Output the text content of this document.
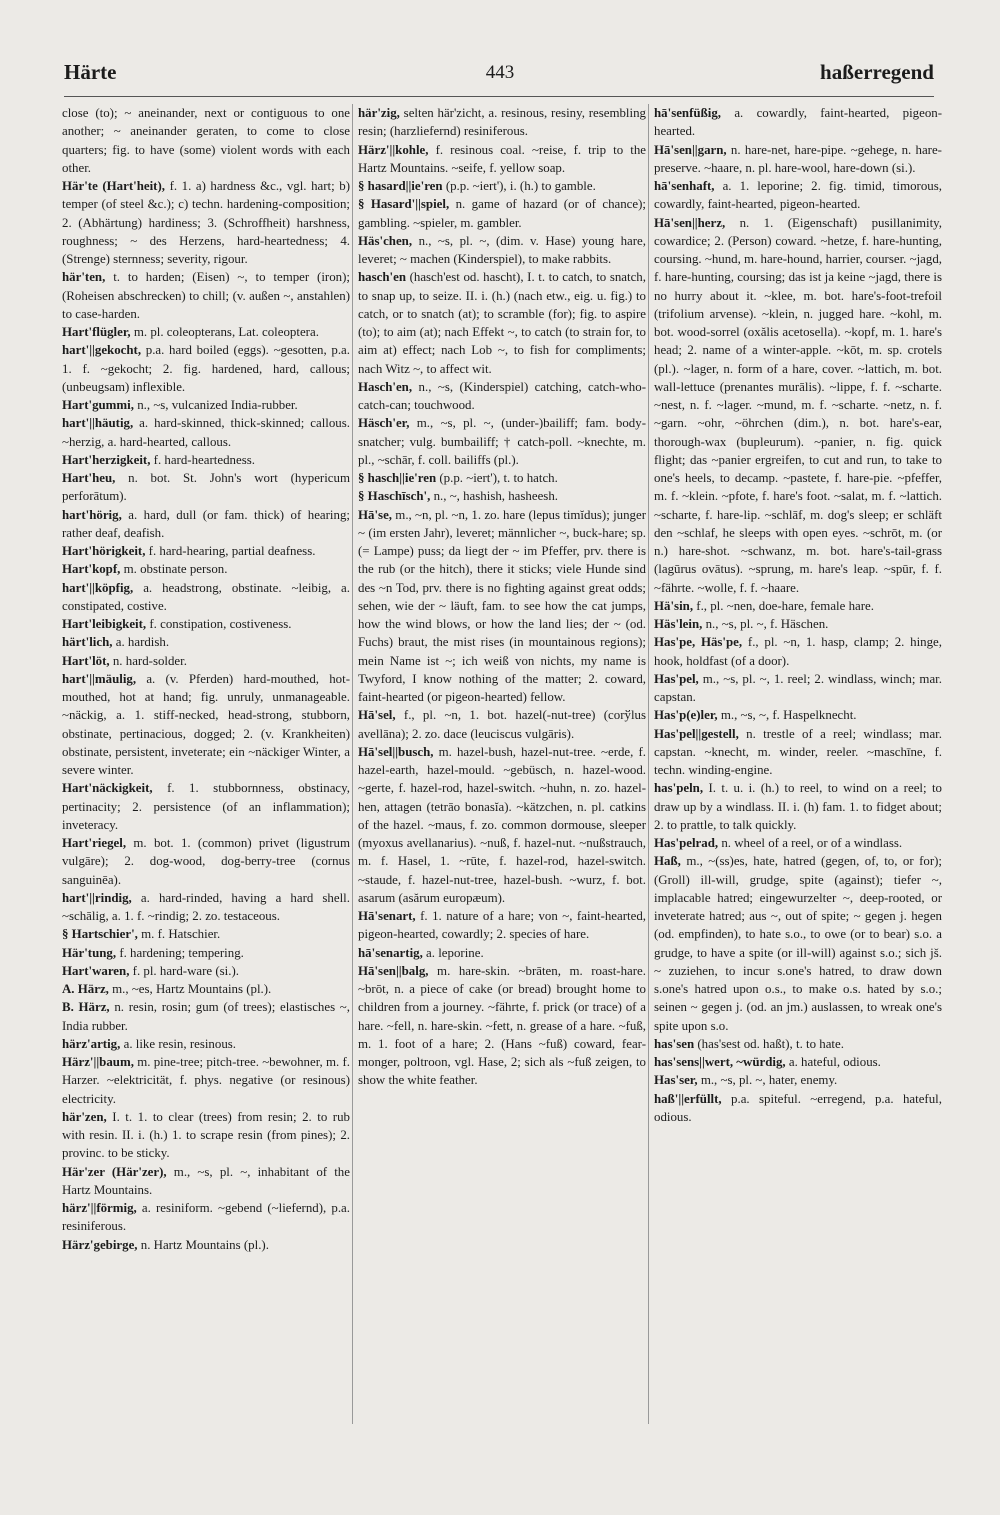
Härte	443	haßerregend

close (to); ~ aneinander, next or contiguous to one another; ~ aneinander geraten, to come to close quarters; fig. to have (some) violent words with each other.

Här'te (Hart'heit), f. 1. a) hardness &c., vgl. hart; b) temper (of steel &c.); c) techn. hardening-composition; 2. (Abhärtung) hardiness; 3. (Schroffheit) harshness, roughness; ~ des Herzens, hard-heartedness; 4. (Strenge) sternness; severity, rigour.

här'ten, t. to harden; (Eisen) ~, to temper (iron); (Roheisen abschrecken) to chill; (v. außen ~, anstahlen) to case-harden.

Hart'flügler, m. pl. coleopterans, Lat. coleoptera.

hart'||gekocht, p.a. hard boiled (eggs). ~gesotten, p.a. 1. f. ~gekocht; 2. fig. hardened, hard, callous; (unbeugsam) inflexible.

Hart'gummi, n., ~s, vulcanized India-rubber.

hart'||häutig, a. hard-skinned, thick-skinned; callous. ~herzig, a. hard-hearted, callous.

Hart'herzigkeit, f. hard-heartedness.

Hart'heu, n. bot. St. John's wort (hypericum perforātum).

hart'hörig, a. hard, dull (or fam. thick) of hearing; rather deaf, deafish.

Hart'hörigkeit, f. hard-hearing, partial deafness.

Hart'kopf, m. obstinate person.

hart'||köpfig, a. headstrong, obstinate. ~leibig, a. constipated, costive.

Hart'leibigkeit, f. constipation, costiveness.

härt'lich, a. hardish.

Hart'löt, n. hard-solder.

hart'||mäulig, a. (v. Pferden) hard-mouthed, hot-mouthed, hot at hand; fig. unruly, unmanageable. ~näckig, a. 1. stiff-necked, head-strong, stubborn, obstinate, pertinacious, dogged; 2. (v. Krankheiten) obstinate, persistent, inveterate; ein ~näckiger Winter, a severe winter.

Hart'näckigkeit, f. 1. stubbornness, obstinacy, pertinacity; 2. persistence (of an inflammation); inveteracy.

Hart'riegel, m. bot. 1. (common) privet (ligustrum vulgāre); 2. dog-wood, dog-berry-tree (cornus sanguinēa).

hart'||rindig, a. hard-rinded, having a hard shell. ~schālig, a. 1. f. ~rindig; 2. zo. testaceous.

§ Hartschier', m. f. Hatschier.

Här'tung, f. hardening; tempering.

Hart'waren, f. pl. hard-ware (si.).

A. Härz, m., ~es, Hartz Mountains (pl.).

B. Härz, n. resin, rosin; gum (of trees); elastisches ~, India rubber.

härz'artig, a. like resin, resinous.

Härz'||baum, m. pine-tree; pitch-tree. ~bewohner, m. f. Harzer. ~elektricität, f. phys. negative (or resinous) electricity.

här'zen, I. t. 1. to clear (trees) from resin; 2. to rub with resin. II. i. (h.) 1. to scrape resin (from pines); 2. provinc. to be sticky.

Här'zer (Här'zer), m., ~s, pl. ~, inhabitant of the Hartz Mountains.

härz'||förmig, a. resiniform. ~gebend (~liefernd), p.a. resiniferous.

Härz'gebirge, n. Hartz Mountains (pl.).

här'zig, selten här'zicht, a. resinous, resiny, resembling resin; (harzliefernd) resiniferous.

Härz'||kohle, f. resinous coal. ~reise, f. trip to the Hartz Mountains. ~seife, f. yellow soap.

§ hasard||ie'ren (p.p. ~iert'), i. (h.) to gamble.

§ Hasard'||spiel, n. game of hazard (or of chance); gambling. ~spieler, m. gambler.

Häs'chen, n., ~s, pl. ~, (dim. v. Hase) young hare, leveret; ~ machen (Kinderspiel), to make rabbits.

hasch'en (hasch'est od. hascht), I. t. to catch, to snatch, to snap up, to seize. II. i. (h.) (nach etw., eig. u. fig.) to catch, or to snatch (at); to scramble (for); fig. to aspire (to); to aim (at); nach Effekt ~, to catch (to strain for, to aim at) effect; nach Lob ~, to fish for compliments; nach Witz ~, to affect wit.

Hasch'en, n., ~s, (Kinderspiel) catching, catch-who-catch-can; touchwood.

Häsch'er, m., ~s, pl. ~, (under-)bailiff; fam. body-snatcher; vulg. bumbailiff; † catch-poll. ~knechte, m. pl., ~schār, f. coll. bailiffs (pl.).

§ hasch||ie'ren (p.p. ~iert'), t. to hatch.

§ Haschīsch', n., ~, hashish, hasheesh.

Hā'se, m., ~n, pl. ~n, 1. zo. hare (lepus timĭdus); junger ~ (im ersten Jahr), leveret; männlicher ~, buck-hare; sp. (= Lampe) puss; da liegt der ~ im Pfeffer, prv. there is the rub (or the hitch), there it sticks; viele Hunde sind des ~n Tod, prv. there is no fighting against great odds; sehen, wie der ~ läuft, fam. to see how the cat jumps, how the wind blows, or how the land lies; der ~ (od. Fuchs) braut, the mist rises (in mountainous regions); mein Name ist ~; ich weiß von nichts, my name is Twyford, I know nothing of the matter; 2. coward, faint-hearted (or pigeon-hearted) fellow.

Hā'sel, f., pl. ~n, 1. bot. hazel(-nut-tree) (corўlus avellāna); 2. zo. dace (leuciscus vulgāris).

Hā'sel||busch, m. hazel-bush, hazel-nut-tree. ~erde, f. hazel-earth, hazel-mould. ~gebüsch, n. hazel-wood. ~gerte, f. hazel-rod, hazel-switch. ~huhn, n. zo. hazel-hen, attagen (tetrāo bonasĭa). ~kätzchen, n. pl. catkins of the hazel. ~maus, f. zo. common dormouse, sleeper (myoxus avellanarius). ~nuß, f. hazel-nut. ~nußstrauch, m. f. Hasel, 1. ~rūte, f. hazel-rod, hazel-switch. ~staude, f. hazel-nut-tree, hazel-bush. ~wurz, f. bot. asarum (asărum europæum).

Hā'senart, f. 1. nature of a hare; von ~, faint-hearted, pigeon-hearted, cowardly; 2. species of hare.

hā'senartig, a. leporine.

Hā'sen||balg, m. hare-skin. ~brāten, m. roast-hare. ~brōt, n. a piece of cake (or bread) brought home to children from a journey. ~fährte, f. prick (or trace) of a hare. ~fell, n. hare-skin. ~fett, n. grease of a hare. ~fuß, m. 1. foot of a hare; 2. (Hans ~fuß) coward, fear-monger, poltroon, vgl. Hase, 2; sich als ~fuß zeigen, to show the white feather.

hā'senfüßig, a. cowardly, faint-hearted, pigeon-hearted.

Hā'sen||garn, n. hare-net, hare-pipe. ~gehege, n. hare-preserve. ~haare, n. pl. hare-wool, hare-down (si.).

hā'senhaft, a. 1. leporine; 2. fig. timid, timorous, cowardly, faint-hearted, pigeon-hearted.

Hā'sen||herz, n. 1. (Eigenschaft) pusillanimity, cowardice; 2. (Person) coward. ~hetze, f. hare-hunting, coursing. ~hund, m. hare-hound, harrier, courser. ~jagd, f. hare-hunting, coursing; das ist ja keine ~jagd, there is no hurry about it. ~klee, m. bot. hare's-foot-trefoil (trifolium arvense). ~klein, n. jugged hare. ~kohl, m. bot. wood-sorrel (oxălis acetosella). ~kopf, m. 1. hare's head; 2. name of a winter-apple. ~kōt, m. sp. crotels (pl.). ~lager, n. form of a hare, cover. ~lattich, m. bot. wall-lettuce (prenantes murālis). ~lippe, f. f. ~scharte. ~nest, n. f. ~lager. ~mund, m. f. ~scharte. ~netz, n. f. ~garn. ~ohr, ~öhrchen (dim.), n. bot. hare's-ear, thorough-wax (bupleurum). ~panier, n. fig. quick flight; das ~panier ergreifen, to cut and run, to take to one's heels, to decamp. ~pastete, f. hare-pie. ~pfeffer, m. f. ~klein. ~pfote, f. hare's foot. ~salat, m. f. ~lattich. ~scharte, f. hare-lip. ~schlāf, m. dog's sleep; er schläft den ~schlaf, he sleeps with open eyes. ~schrōt, m. (or n.) hare-shot. ~schwanz, m. bot. hare's-tail-grass (lagūrus ovātus). ~sprung, m. hare's leap. ~spūr, f. f. ~fährte. ~wolle, f. f. ~haare.

Hä'sin, f., pl. ~nen, doe-hare, female hare.

Häs'lein, n., ~s, pl. ~, f. Häschen.

Has'pe, Häs'pe, f., pl. ~n, 1. hasp, clamp; 2. hinge, hook, holdfast (of a door).

Has'pel, m., ~s, pl. ~, 1. reel; 2. windlass, winch; mar. capstan.

Has'p(e)ler, m., ~s, ~, f. Haspelknecht.

Has'pel||gestell, n. trestle of a reel; windlass; mar. capstan. ~knecht, m. winder, reeler. ~maschīne, f. techn. winding-engine.

has'peln, I. t. u. i. (h.) to reel, to wind on a reel; to draw up by a windlass. II. i. (h) fam. 1. to fidget about; 2. to prattle, to talk quickly.

Has'pelrad, n. wheel of a reel, or of a windlass.

Haß, m., ~(ss)es, hate, hatred (gegen, of, to, or for); (Groll) ill-will, grudge, spite (against); tiefer ~, implacable hatred; eingewurzelter ~, deep-rooted, or inveterate hatred; aus ~, out of spite; ~ gegen j. hegen (od. empfinden), to hate s.o., to owe (or to bear) s.o. a grudge, to have a spite (or ill-will) against s.o.; sich jš. ~ zuziehen, to incur s.one's hatred, to draw down s.one's hatred upon o.s., to make o.s. hated by s.o.; seinen ~ gegen j. (od. an jm.) auslassen, to wreak one's spite upon s.o.

has'sen (has'sest od. haßt), t. to hate.

has'sens||wert, ~würdig, a. hateful, odious.

Has'ser, m., ~s, pl. ~, hater, enemy.

haß'||erfüllt, p.a. spiteful. ~erregend, p.a. hateful, odious.
